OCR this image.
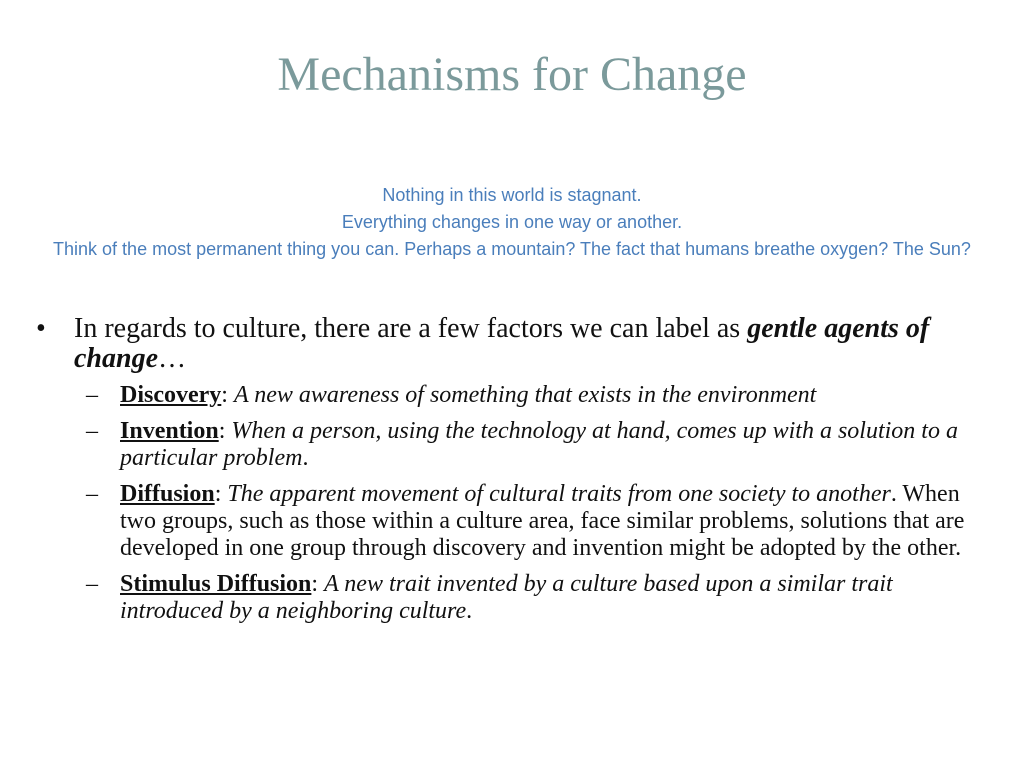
Mechanisms for Change
Nothing in this world is stagnant.
Everything changes in one way or another.
Think of the most permanent thing you can. Perhaps a mountain? The fact that humans breathe oxygen? The Sun?
•	In regards to culture, there are a few factors we can label as gentle agents of change…
– Discovery: A new awareness of something that exists in the environment
– Invention: When a person, using the technology at hand, comes up with a solution to a particular problem.
– Diffusion: The apparent movement of cultural traits from one society to another. When two groups, such as those within a culture area, face similar problems, solutions that are developed in one group through discovery and invention might be adopted by the other.
– Stimulus Diffusion: A new trait invented by a culture based upon a similar trait introduced by a neighboring culture.
